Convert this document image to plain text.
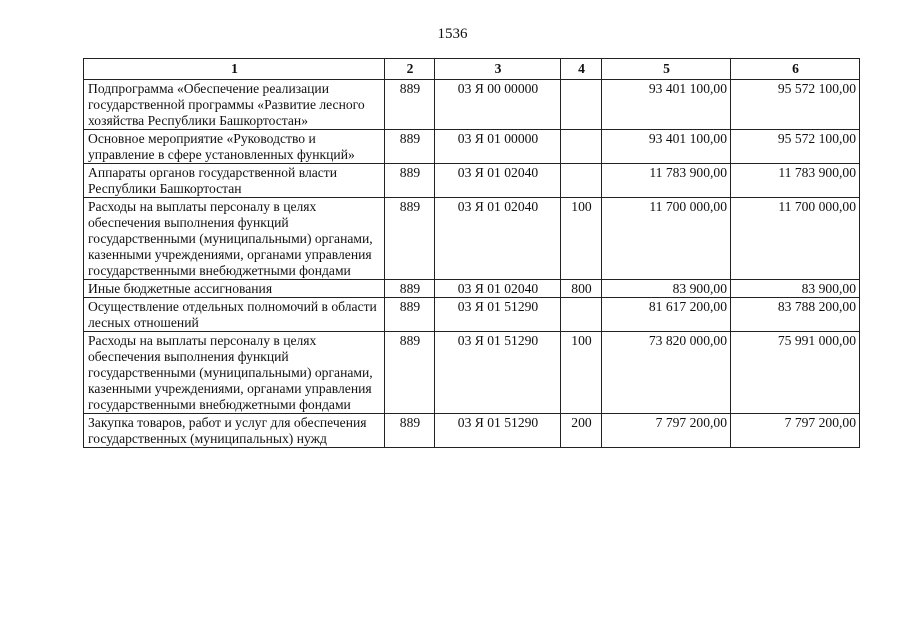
1536
1	2	3	4	5	6
Подпрограмма «Обеспечение реализации государственной программы «Развитие лесного хозяйства Республики Башкортостан»	889	03 Я 00 00000		93 401 100,00	95 572 100,00
Основное мероприятие «Руководство и управление в сфере установленных функций»	889	03 Я 01 00000		93 401 100,00	95 572 100,00
Аппараты органов государственной власти Республики Башкортостан	889	03 Я 01 02040		11 783 900,00	11 783 900,00
Расходы на выплаты персоналу в целях обеспечения выполнения функций государственными (муниципальными) органами, казенными учреждениями, органами управления государственными внебюджетными фондами	889	03 Я 01 02040	100	11 700 000,00	11 700 000,00
Иные бюджетные ассигнования	889	03 Я 01 02040	800	83 900,00	83 900,00
Осуществление отдельных полномочий в области лесных отношений	889	03 Я 01 51290		81 617 200,00	83 788 200,00
Расходы на выплаты персоналу в целях обеспечения выполнения функций государственными (муниципальными) органами, казенными учреждениями, органами управления государственными внебюджетными фондами	889	03 Я 01 51290	100	73 820 000,00	75 991 000,00
Закупка товаров, работ и услуг для обеспечения государственных (муниципальных) нужд	889	03 Я 01 51290	200	7 797 200,00	7 797 200,00
